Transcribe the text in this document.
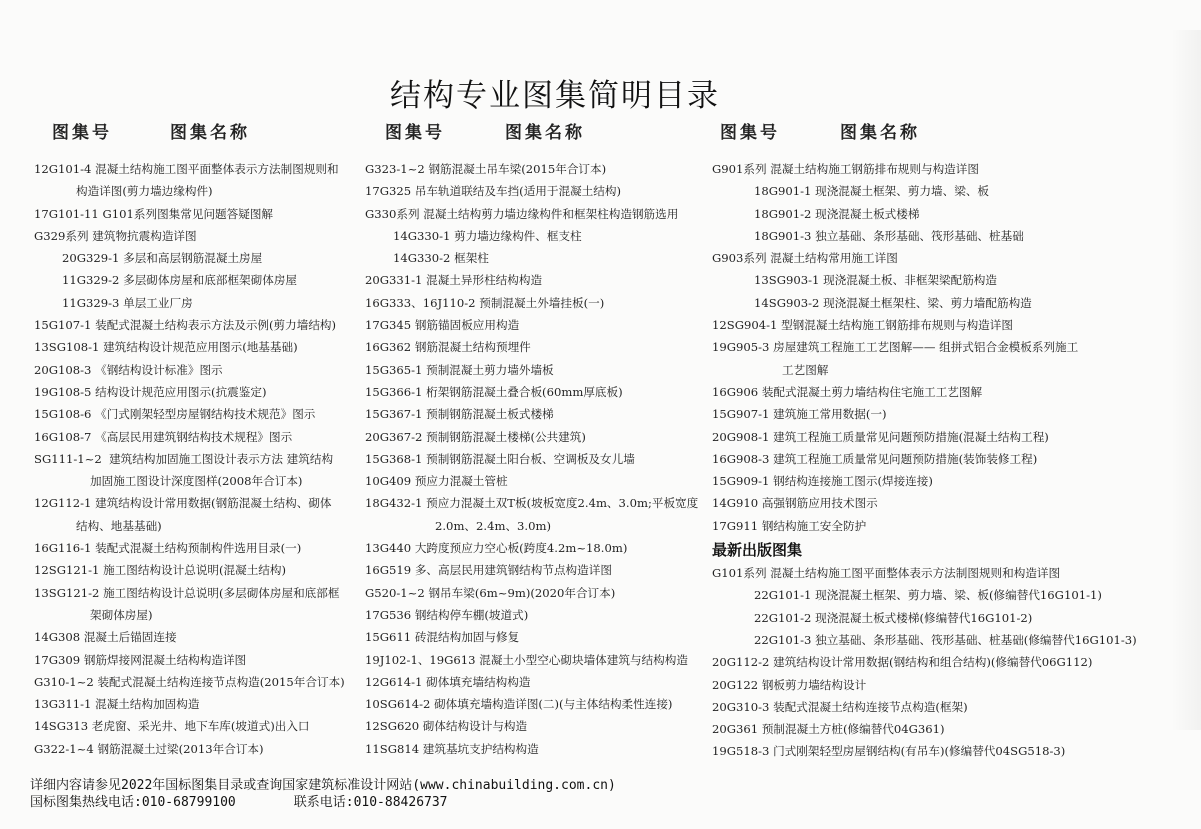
结构专业图集简明目录
图集号	图集名称
12G101-4 混凝土结构施工图平面整体表示方法制图规则和
构造详图(剪力墙边缘构件)
17G101-11 G101系列图集常见问题答疑图解
G329系列 建筑物抗震构造详图
20G329-1 多层和高层钢筋混凝土房屋
11G329-2 多层砌体房屋和底部框架砌体房屋
11G329-3 单层工业厂房
15G107-1 装配式混凝土结构表示方法及示例(剪力墙结构)
13SG108-1 建筑结构设计规范应用图示(地基基础)
20G108-3 《钢结构设计标准》图示
19G108-5 结构设计规范应用图示(抗震鉴定)
15G108-6 《门式刚架轻型房屋钢结构技术规范》图示
16G108-7 《高层民用建筑钢结构技术规程》图示
SG111-1~2  建筑结构加固施工图设计表示方法 建筑结构
加固施工图设计深度图样(2008年合订本)
12G112-1 建筑结构设计常用数据(钢筋混凝土结构、砌体
结构、地基基础)
16G116-1 装配式混凝土结构预制构件选用目录(一)
12SG121-1 施工图结构设计总说明(混凝土结构)
13SG121-2 施工图结构设计总说明(多层砌体房屋和底部框
架砌体房屋)
14G308 混凝土后锚固连接
17G309 钢筋焊接网混凝土结构构造详图
G310-1~2 装配式混凝土结构连接节点构造(2015年合订本)
13G311-1 混凝土结构加固构造
14SG313 老虎窗、采光井、地下车库(坡道式)出入口
G322-1~4 钢筋混凝土过梁(2013年合订本)
图集号	图集名称
G323-1~2 钢筋混凝土吊车梁(2015年合订本)
17G325 吊车轨道联结及车挡(适用于混凝土结构)
G330系列 混凝土结构剪力墙边缘构件和框架柱构造钢筋选用
14G330-1 剪力墙边缘构件、框支柱
14G330-2 框架柱
20G331-1 混凝土异形柱结构构造
16G333、16J110-2 预制混凝土外墙挂板(一)
17G345 钢筋锚固板应用构造
16G362 钢筋混凝土结构预埋件
15G365-1 预制混凝土剪力墙外墙板
15G366-1 桁架钢筋混凝土叠合板(60mm厚底板)
15G367-1 预制钢筋混凝土板式楼梯
20G367-2 预制钢筋混凝土楼梯(公共建筑)
15G368-1 预制钢筋混凝土阳台板、空调板及女儿墙
10G409 预应力混凝土管桩
18G432-1 预应力混凝土双T板(坡板宽度2.4m、3.0m;平板宽度
2.0m、2.4m、3.0m)
13G440 大跨度预应力空心板(跨度4.2m~18.0m)
16G519 多、高层民用建筑钢结构节点构造详图
G520-1~2 钢吊车梁(6m~9m)(2020年合订本)
17G536 钢结构停车棚(坡道式)
15G611 砖混结构加固与修复
19J102-1、19G613 混凝土小型空心砌块墙体建筑与结构构造
12G614-1 砌体填充墙结构构造
10SG614-2 砌体填充墙构造详图(二)(与主体结构柔性连接)
12SG620 砌体结构设计与构造
11SG814 建筑基坑支护结构构造
图集号	图集名称
G901系列 混凝土结构施工钢筋排布规则与构造详图
18G901-1 现浇混凝土框架、剪力墙、梁、板
18G901-2 现浇混凝土板式楼梯
18G901-3 独立基础、条形基础、筏形基础、桩基础
G903系列 混凝土结构常用施工详图
13SG903-1 现浇混凝土板、非框架梁配筋构造
14SG903-2 现浇混凝土框架柱、梁、剪力墙配筋构造
12SG904-1 型钢混凝土结构施工钢筋排布规则与构造详图
19G905-3 房屋建筑工程施工工艺图解—— 组拼式铝合金模板系列施工
工艺图解
16G906 装配式混凝土剪力墙结构住宅施工工艺图解
15G907-1 建筑施工常用数据(一)
20G908-1 建筑工程施工质量常见问题预防措施(混凝土结构工程)
16G908-3 建筑工程施工质量常见问题预防措施(装饰装修工程)
15G909-1 钢结构连接施工图示(焊接连接)
14G910 高强钢筋应用技术图示
17G911 钢结构施工安全防护
最新出版图集
G101系列 混凝土结构施工图平面整体表示方法制图规则和构造详图
22G101-1 现浇混凝土框架、剪力墙、梁、板(修编替代16G101-1)
22G101-2 现浇混凝土板式楼梯(修编替代16G101-2)
22G101-3 独立基础、条形基础、筏形基础、桩基础(修编替代16G101-3)
20G112-2 建筑结构设计常用数据(钢结构和组合结构)(修编替代06G112)
20G122 钢板剪力墙结构设计
20G310-3 装配式混凝土结构连接节点构造(框架)
20G361 预制混凝土方桩(修编替代04G361)
19G518-3 门式刚架轻型房屋钢结构(有吊车)(修编替代04SG518-3)
详细内容请参见2022年国标图集目录或查询国家建筑标准设计网站(www.chinabuilding.com.cn)
国标图集热线电话:010-68799100	联系电话:010-88426737
